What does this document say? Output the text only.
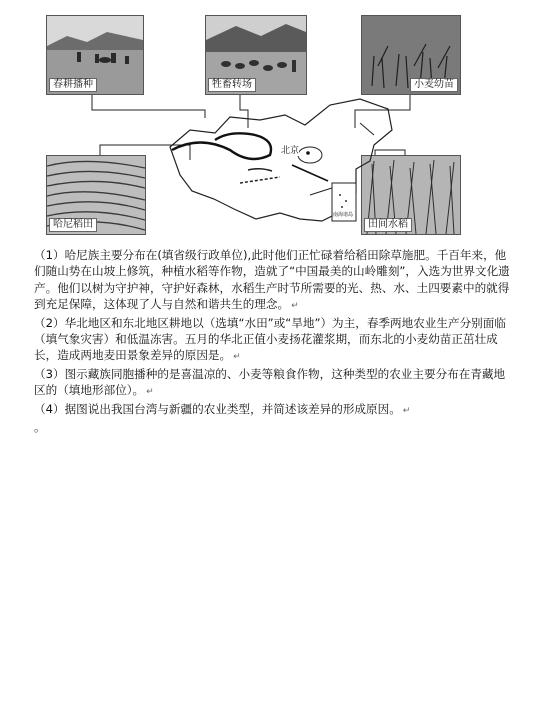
春耕播种	牲畜转场	小麦幼苗
哈尼稻田	田间水稻
北京
南海诸岛

（1）哈尼族主要分布在(填省级行政单位),此时他们正忙碌着给稻田除草施肥。千百年来，他们随山势在山坡上修筑，种植水稻等作物，造就了“中国最美的山岭雕刻”，入选为世界文化遗产。他们以树为守护神，守护好森林，水稻生产时节所需要的光、热、水、土四要素中的就得到充足保障，这体现了人与自然和谐共生的理念。 ↵

（2）华北地区和东北地区耕地以（选填“水田”或“旱地”）为主，春季两地农业生产分别面临（填气象灾害）和低温冻害。五月的华北正值小麦扬花灌浆期，而东北的小麦幼苗正茁壮成长，造成两地麦田景象差异的原因是。 ↵

（3）图示藏族同胞播种的是喜温凉的、小麦等粮食作物，这种类型的农业主要分布在青藏地区的（填地形部位）。 ↵

（4）据图说出我国台湾与新疆的农业类型，并简述该差异的形成原因。 ↵

。
